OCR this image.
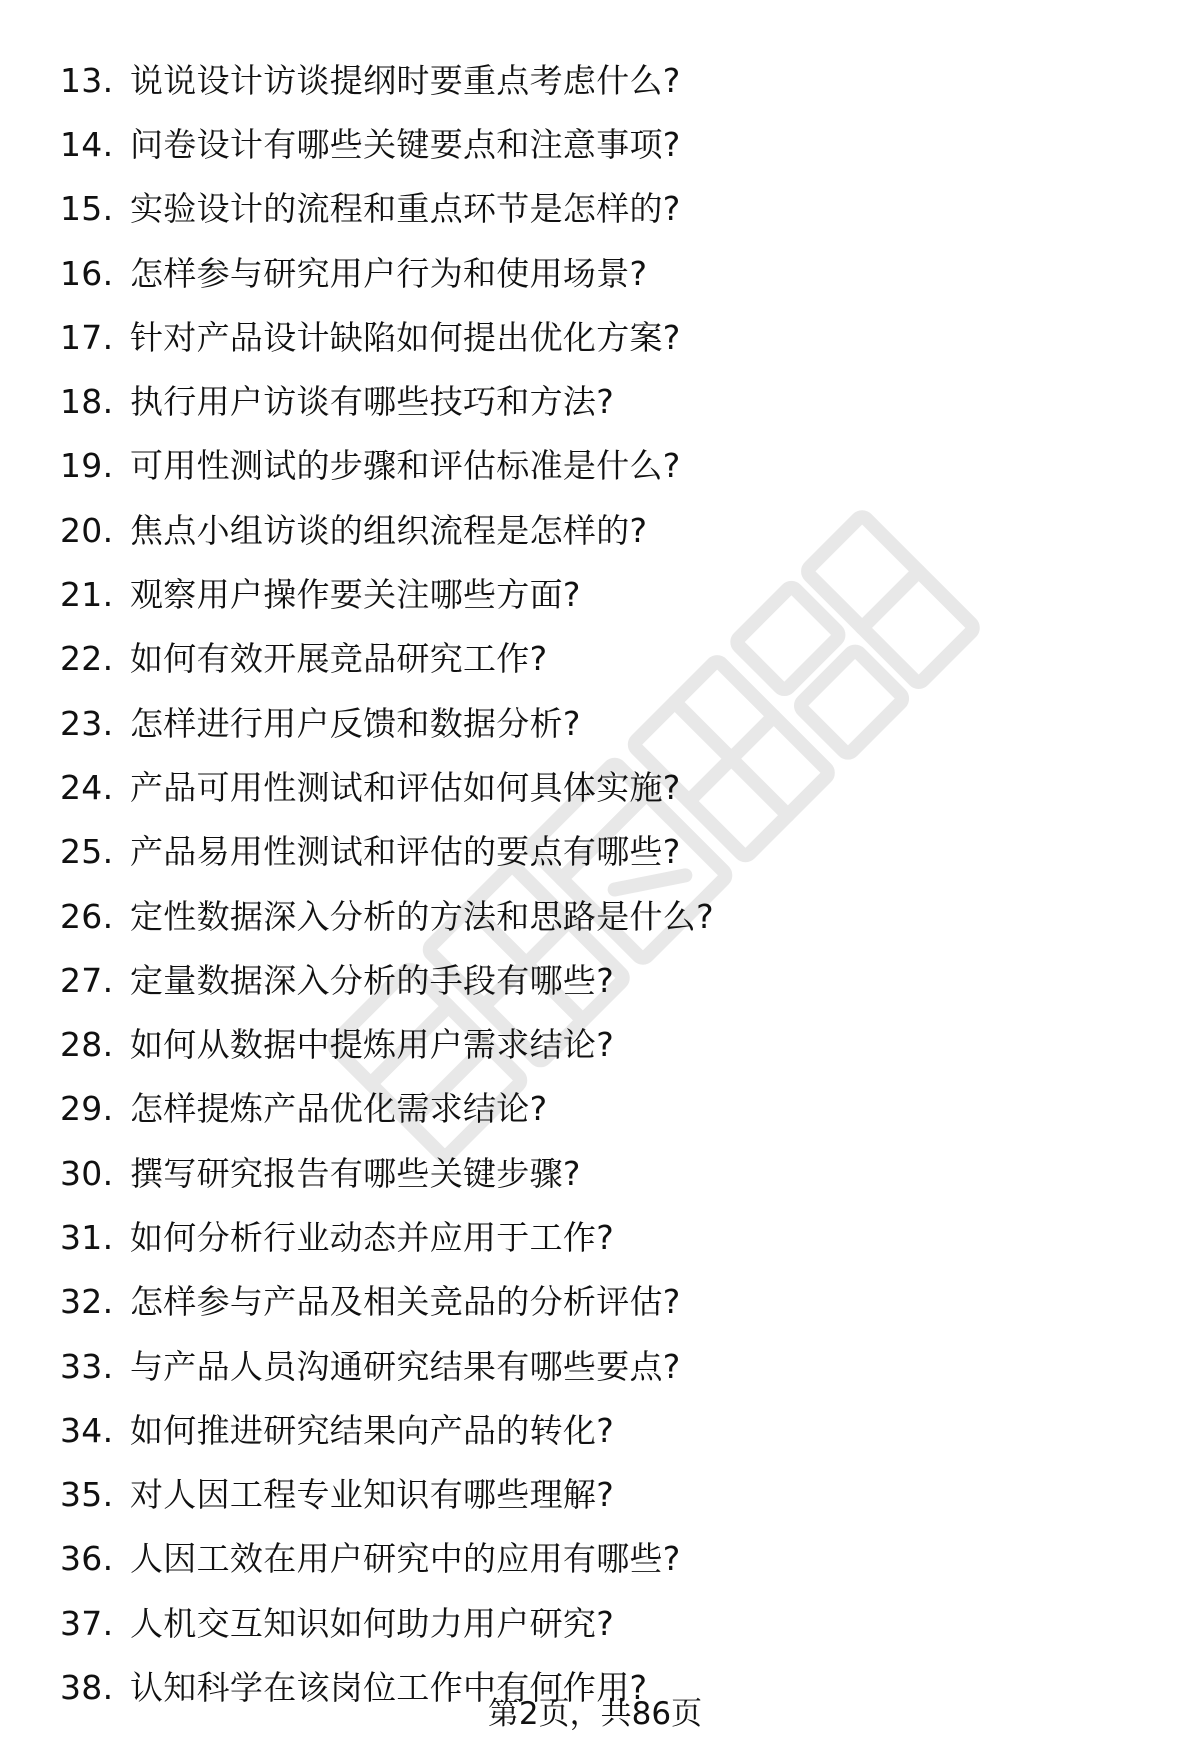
13. 说说设计访谈提纲时要重点考虑什么?
14. 问卷设计有哪些关键要点和注意事项?
15. 实验设计的流程和重点环节是怎样的?
16. 怎样参与研究用户行为和使用场景?
17. 针对产品设计缺陷如何提出优化方案?
18. 执行用户访谈有哪些技巧和方法?
19. 可用性测试的步骤和评估标准是什么?
20. 焦点小组访谈的组织流程是怎样的?
21. 观察用户操作要关注哪些方面?
22. 如何有效开展竞品研究工作?
23. 怎样进行用户反馈和数据分析?
24. 产品可用性测试和评估如何具体实施?
25. 产品易用性测试和评估的要点有哪些?
26. 定性数据深入分析的方法和思路是什么?
27. 定量数据深入分析的手段有哪些?
28. 如何从数据中提炼用户需求结论?
29. 怎样提炼产品优化需求结论?
30. 撰写研究报告有哪些关键步骤?
31. 如何分析行业动态并应用于工作?
32. 怎样参与产品及相关竞品的分析评估?
33. 与产品人员沟通研究结果有哪些要点?
34. 如何推进研究结果向产品的转化?
35. 对人因工程专业知识有哪些理解?
36. 人因工效在用户研究中的应用有哪些?
37. 人机交互知识如何助力用户研究?
38. 认知科学在该岗位工作中有何作用?
第2页，共86页
